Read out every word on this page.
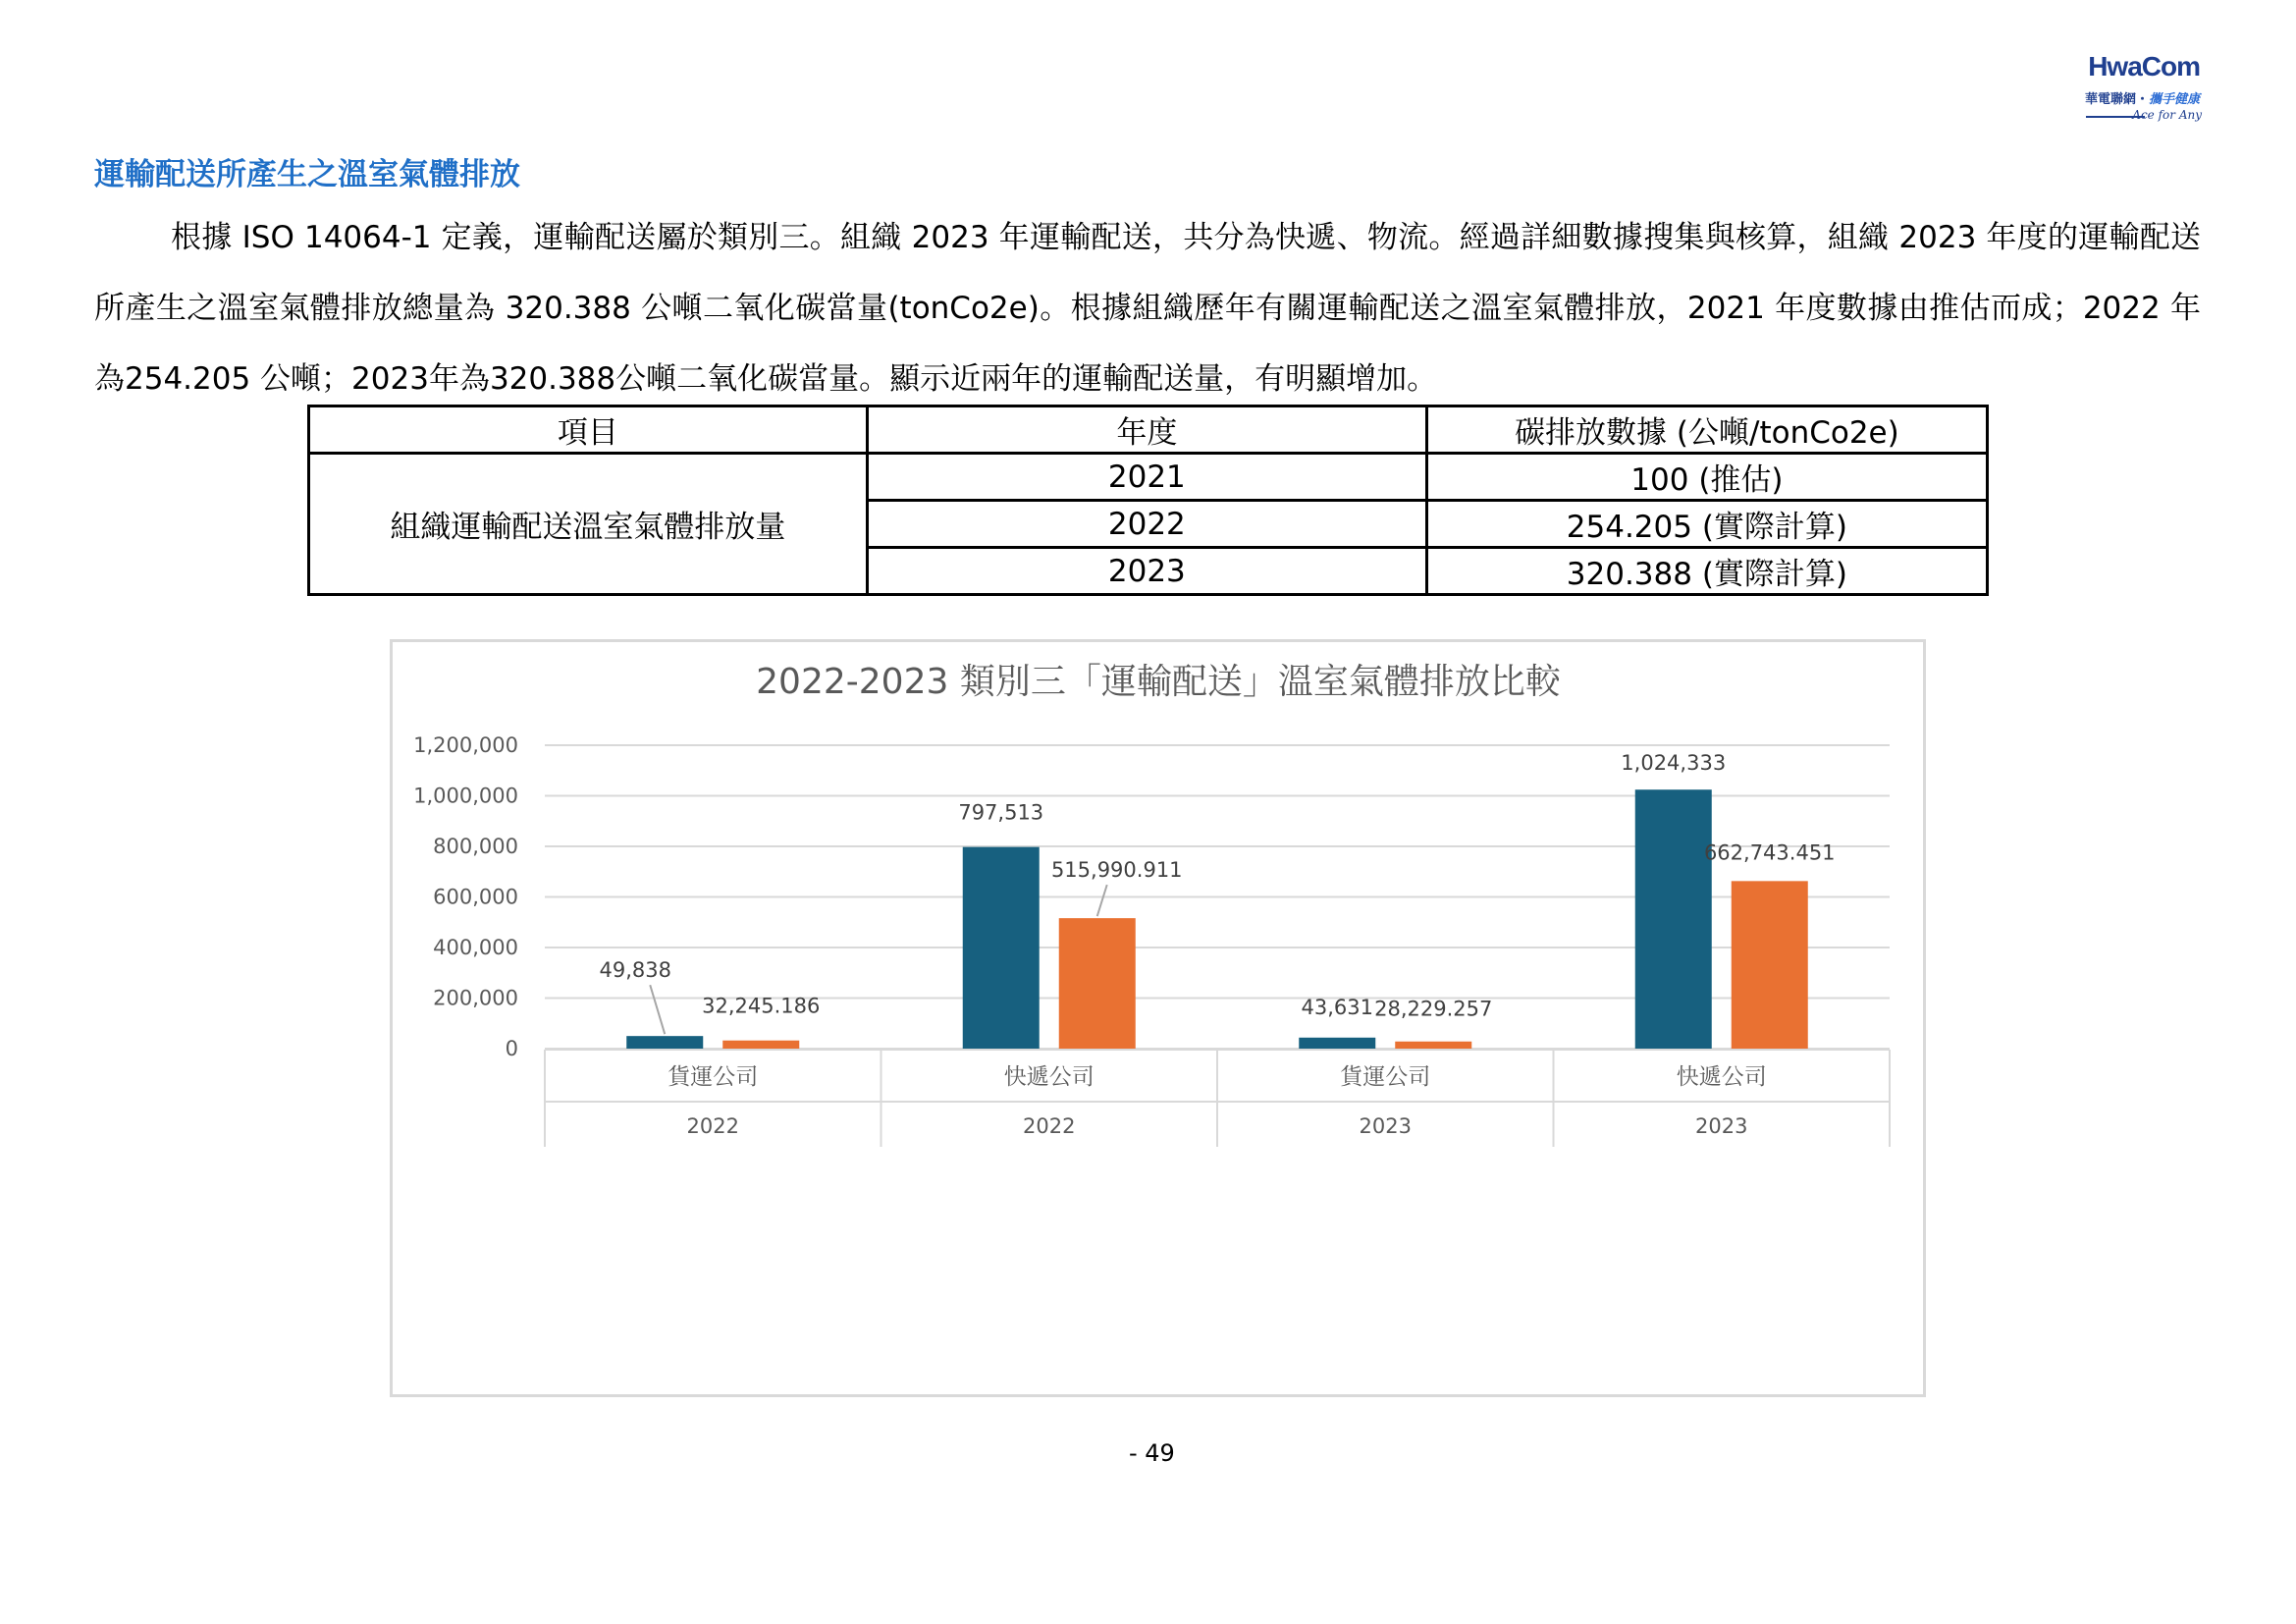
HwaCom
華電聯網・攜手健康
Ace for Any
運輸配送所產生之溫室氣體排放

根據 ISO 14064-1 定義，運輸配送屬於類別三。組織 2023 年運輸配送，共分為快遞、物流。經過詳細數據搜集與核算，組織 2023 年度的運輸配送所產生之溫室氣體排放總量為 320.388 公噸二氧化碳當量(tonCo2e)。根據組織歷年有關運輸配送之溫室氣體排放，2021 年度數據由推估而成；2022 年為254.205 公噸；2023年為320.388公噸二氧化碳當量。顯示近兩年的運輸配送量，有明顯增加。

項目	年度	碳排放數據 (公噸/tonCo2e)
組織運輸配送溫室氣體排放量	2021	100 (推估)
	2022	254.205 (實際計算)
	2023	320.388 (實際計算)
2022-2023 類別三「運輸配送」溫室氣體排放比較
0
200,000
400,000
600,000
800,000
1,000,000
1,200,000
49,838
32,245.186
貨運公司
2022
797,513
515,990.911
快遞公司
2022
43,631 28,229.257
貨運公司
2023
1,024,333
662,743.451
快遞公司
2023
- 49
